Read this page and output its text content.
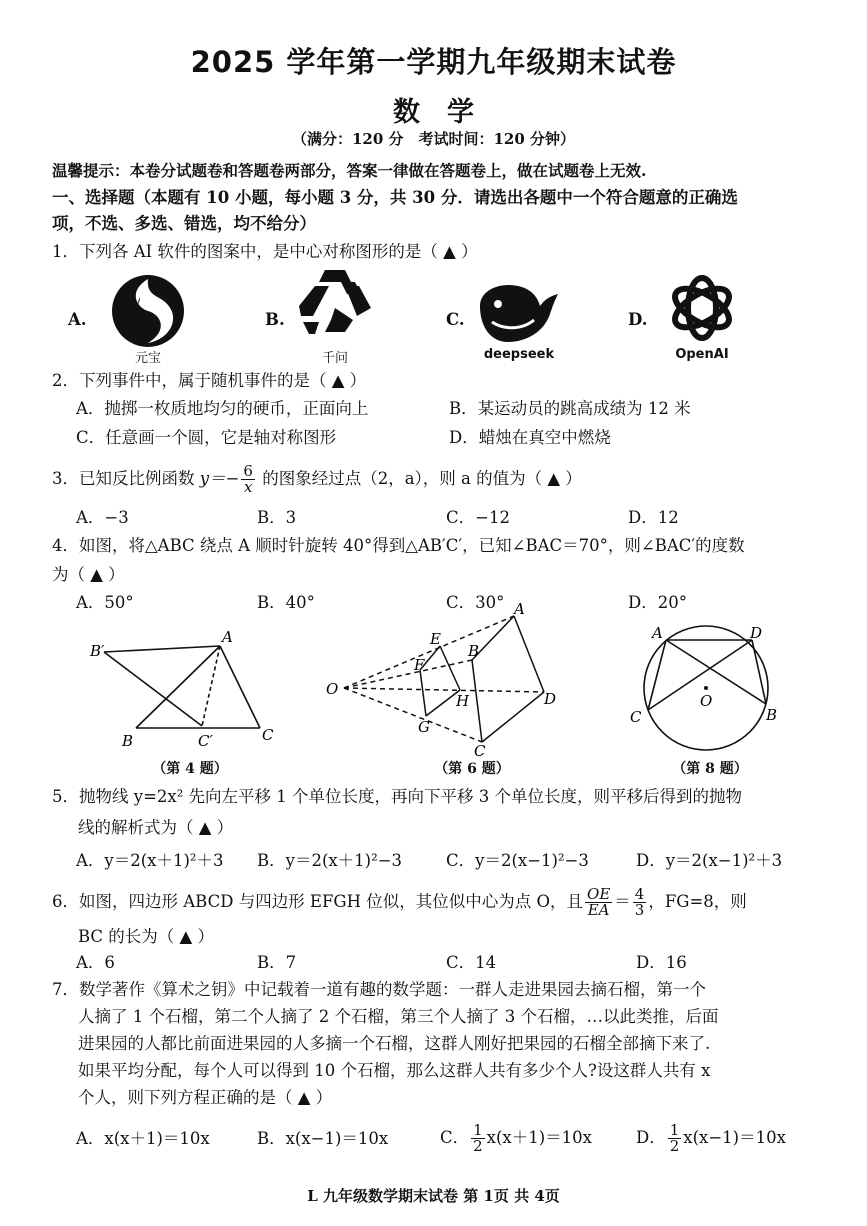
2025 学年第一学期九年级期末试卷
数　学
（满分：120 分　考试时间：120 分钟）
温馨提示：本卷分试题卷和答题卷两部分，答案一律做在答题卷上，做在试题卷上无效.
一、选择题（本题有 10 小题，每小题 3 分，共 30 分．请选出各题中一个符合题意的正确选
项，不选、多选、错选，均不给分）
1．下列各 AI 软件的图案中，是中心对称图形的是（ ▲ ）
A.
元宝
B.
千问
C.
deepseek
D.
OpenAI
2．下列事件中，属于随机事件的是（ ▲ ）
A．抛掷一枚质地均匀的硬币，正面向上	B．某运动员的跳高成绩为 12 米
C．任意画一个圆，它是轴对称图形	D．蜡烛在真空中燃烧
3．已知反比例函数 $y=- \frac{6}{x}$ 的图象经过点（2，a），则 a 的值为（ ▲ ）
A．−3	B．3	C．−12	D．12
4．如图，将△ABC 绕点 A 顺时针旋转 40°得到△AB′C′，已知∠BAC＝70°，则∠BAC′的度数
为（ ▲ ）
A．50°	B．40°	C．30°	D．20°
B′
A
B	C′	C
（第 4 题）
O
A
B
C
D
E
F
G
H
（第 6 题）
A	D
C	B
O
（第 8 题）
5．抛物线 y=2x² 先向左平移 1 个单位长度，再向下平移 3 个单位长度，则平移后得到的抛物
线的解析式为（ ▲ ）
A．y＝2(x＋1)²＋3 B．y＝2(x＋1)²−3	C．y＝2(x−1)²−3	D．y＝2(x−1)²＋3
6．如图，四边形 ABCD 与四边形 EFGH 位似，其位似中心为点 O，且 $\frac{OE}{EA} = \frac{4}{3}$ ，FG=8，则
BC 的长为（ ▲ ）
A．6	B．7	C．14	D．16
7．数学著作《算术之钥》中记载着一道有趣的数学题：一群人走进果园去摘石榴，第一个
人摘了 1 个石榴，第二个人摘了 2 个石榴，第三个人摘了 3 个石榴，…以此类推，后面
进果园的人都比前面进果园的人多摘一个石榴，这群人刚好把果园的石榴全部摘下来了.
如果平均分配，每个人可以得到 10 个石榴，那么这群人共有多少个人?设这群人共有 x
个人，则下列方程正确的是（ ▲ ）
A．x(x＋1)＝10x	B．x(x−1)＝10x	C． $\frac{1}{2} x(x+1)=10x$	D． $\frac{1}{2} x(x-1)=10x$
L 九年级数学期末试卷 第 1页 共 4页
